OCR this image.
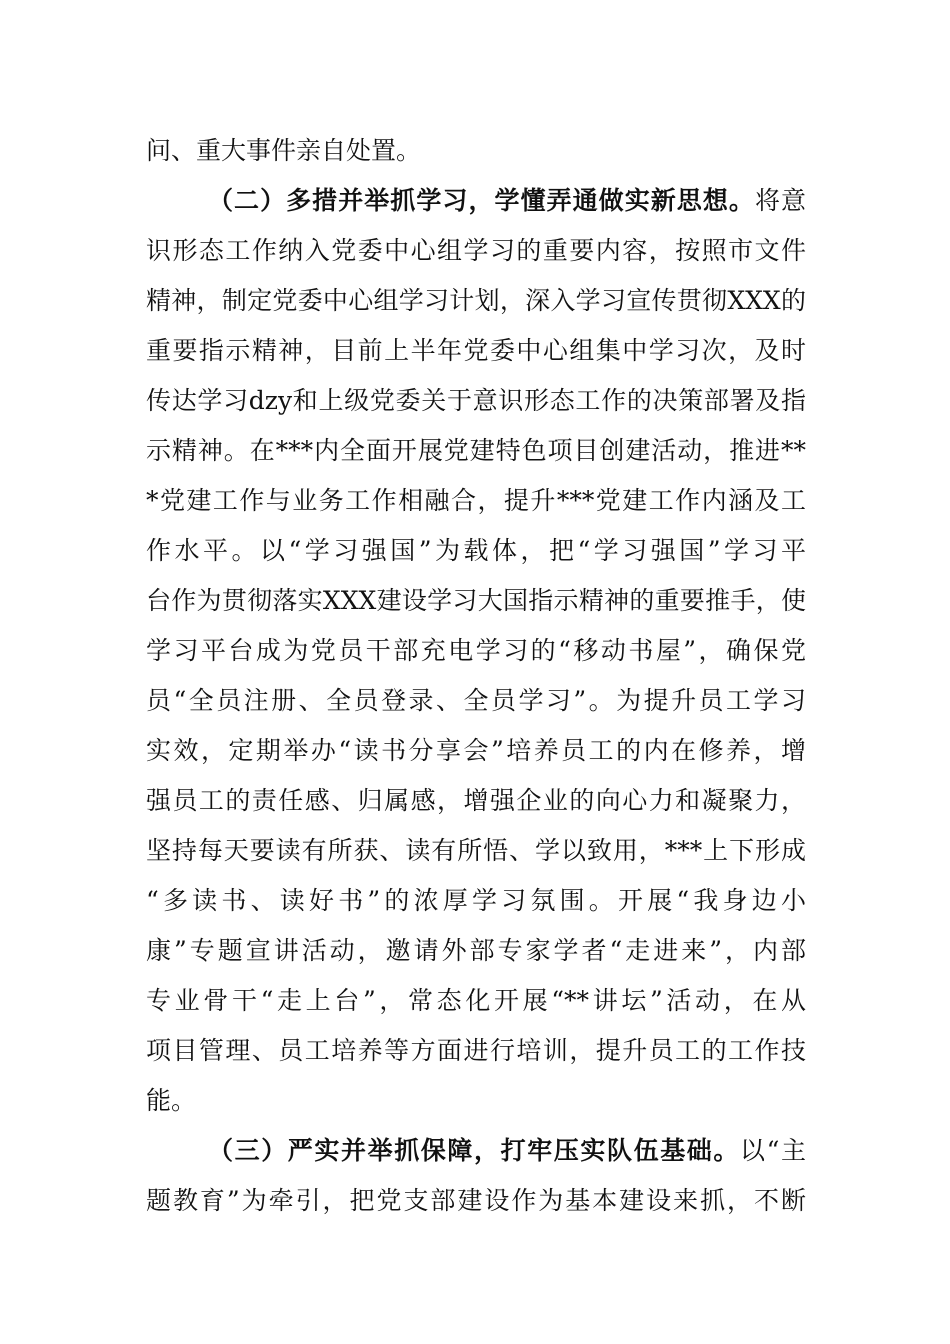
问、重大事件亲自处置。
（二）多措并举抓学习，学懂弄通做实新思想。将意
识形态工作纳入党委中心组学习的重要内容，按照市文件
精神，制定党委中心组学习计划，深入学习宣传贯彻XXX的
重要指示精神，目前上半年党委中心组集中学习次，及时
传达学习dzy和上级党委关于意识形态工作的决策部署及指
示精神。在***内全面开展党建特色项目创建活动，推进**
*党建工作与业务工作相融合，提升***党建工作内涵及工
作水平。以“学习强国”为载体，把“学习强国”学习平
台作为贯彻落实XXX建设学习大国指示精神的重要推手，使
学习平台成为党员干部充电学习的“移动书屋”，确保党
员“全员注册、全员登录、全员学习”。为提升员工学习
实效，定期举办“读书分享会”培养员工的内在修养，增
强员工的责任感、归属感，增强企业的向心力和凝聚力，
坚持每天要读有所获、读有所悟、学以致用，***上下形成
“多读书、读好书”的浓厚学习氛围。开展“我身边小
康”专题宣讲活动，邀请外部专家学者“走进来”，内部
专业骨干“走上台”，常态化开展“**讲坛”活动，在从
项目管理、员工培养等方面进行培训，提升员工的工作技
能。
（三）严实并举抓保障，打牢压实队伍基础。以“主
题教育”为牵引，把党支部建设作为基本建设来抓，不断
